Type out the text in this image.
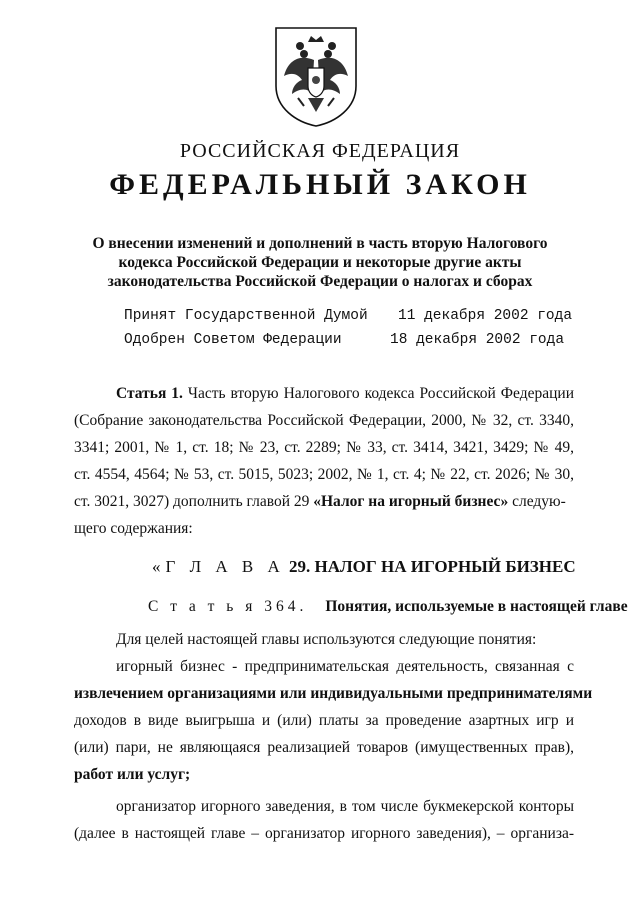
РОССИЙСКАЯ ФЕДЕРАЦИЯ

ФЕДЕРАЛЬНЫЙ ЗАКОН

О внесении изменений и дополнений в часть вторую Налогового

кодекса Российской Федерации и некоторые другие акты

законодательства Российской Федерации о налогах и сборах

Принят Государственной Думой 11 декабря 2002 года

Одобрен Советом Федерации	18 декабря 2002 года

Статья 1. Часть вторую Налогового кодекса Российской Федерации

(Собрание законодательства Российской Федерации, 2000, № 32, ст. 3340,

3341; 2001, № 1, ст. 18; № 23, ст. 2289; № 33, ст. 3414, 3421, 3429; № 49,

ст. 4554, 4564; № 53, ст. 5015, 5023; 2002, № 1, ст. 4; № 22, ст. 2026; № 30,

ст. 3021, 3027) дополнить главой 29 «Налог на игорный бизнес» следую-

щего содержания:

«Г Л А В А 29. НАЛОГ НА ИГОРНЫЙ БИЗНЕС

С т а т ь я 364. Понятия, используемые в настоящей главе

Для целей настоящей главы используются следующие понятия:

игорный бизнес - предпринимательская деятельность, связанная с

извлечением организациями или индивидуальными предпринимателями

доходов в виде выигрыша и (или) платы за проведение азартных игр и

(или) пари, не являющаяся реализацией товаров (имущественных прав),

работ или услуг;

организатор игорного заведения, в том числе букмекерской конторы

(далее в настоящей главе – организатор игорного заведения), – организа-
